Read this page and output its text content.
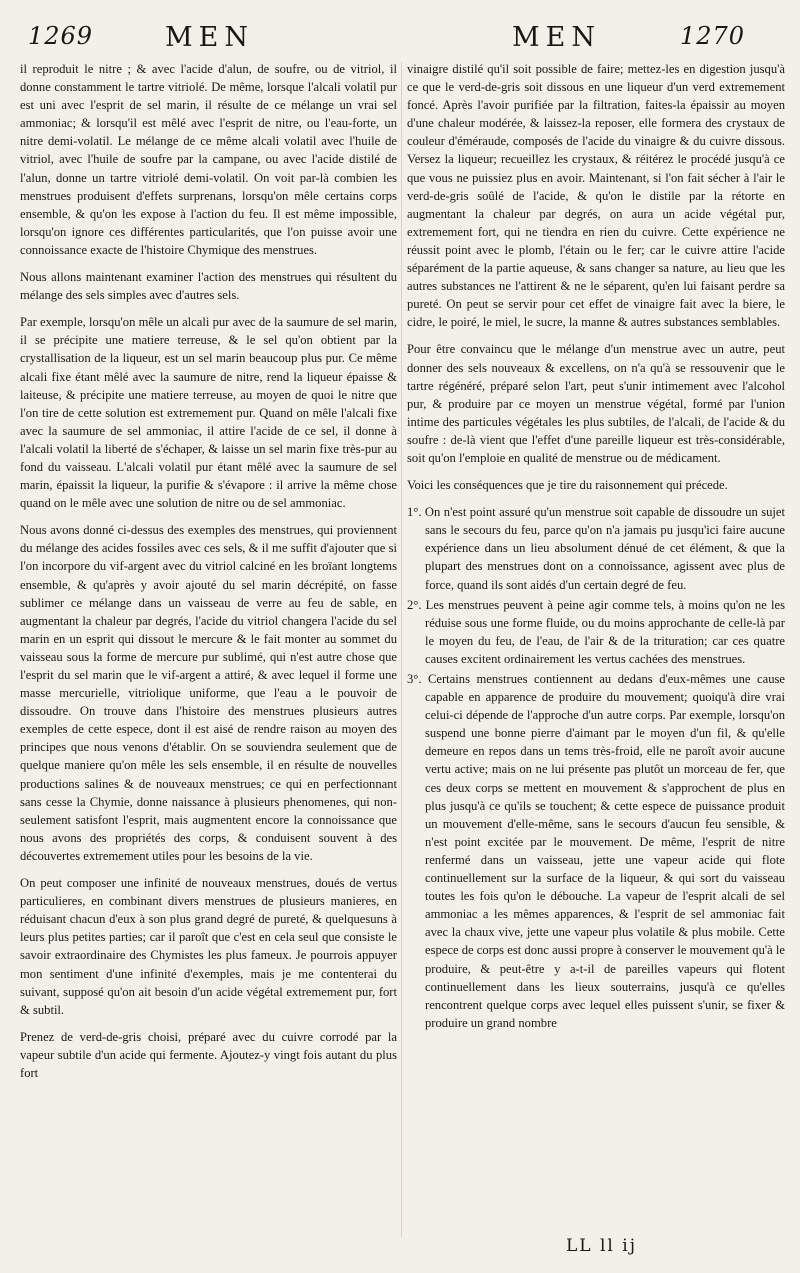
1269	MEN	MEN	1270

il reproduit le nitre ; & avec l'acide d'alun, de soufre, ou de vitriol, il donne constamment le tartre vitriolé. De même, lorsque l'alcali volatil pur est uni avec l'esprit de sel marin, il résulte de ce mélange un vrai sel ammoniac; & lorsqu'il est mêlé avec l'esprit de nitre, ou l'eau-forte, un nitre demi-volatil. Le mélange de ce même alcali volatil avec l'huile de vitriol, avec l'huile de soufre par la campane, ou avec l'acide distilé de l'alun, donne un tartre vitriolé demi-volatil. On voit par-là combien les menstrues produisent d'effets surprenans, lorsqu'on mêle certains corps ensemble, & qu'on les expose à l'action du feu. Il est même impossible, lorsqu'on ignore ces différentes particularités, que l'on puisse avoir une connoissance exacte de l'histoire Chymique des menstrues.

Nous allons maintenant examiner l'action des menstrues qui résultent du mélange des sels simples avec d'autres sels.

Par exemple, lorsqu'on mêle un alcali pur avec de la saumure de sel marin, il se précipite une matiere terreuse, & le sel qu'on obtient par la crystallisation de la liqueur, est un sel marin beaucoup plus pur. Ce même alcali fixe étant mêlé avec la saumure de nitre, rend la liqueur épaisse & laiteuse, & précipite une matiere terreuse, au moyen de quoi le nitre que l'on tire de cette solution est extremement pur. Quand on mêle l'alcali fixe avec la saumure de sel ammoniac, il attire l'acide de ce sel, il donne à l'alcali volatil la liberté de s'échaper, & laisse un sel marin fixe très-pur au fond du vaisseau. L'alcali volatil pur étant mêlé avec la saumure de sel marin, épaissit la liqueur, la purifie & s'évapore : il arrive la même chose quand on le mêle avec une solution de nitre ou de sel ammoniac.

Nous avons donné ci-dessus des exemples des menstrues, qui proviennent du mélange des acides fossiles avec ces sels, & il me suffit d'ajouter que si l'on incorpore du vif-argent avec du vitriol calciné en les broïant longtems ensemble, & qu'après y avoir ajouté du sel marin décrépité, on fasse sublimer ce mélange dans un vaisseau de verre au feu de sable, en augmentant la chaleur par degrés, l'acide du vitriol changera l'acide du sel marin en un esprit qui dissout le mercure & le fait monter au sommet du vaisseau sous la forme de mercure pur sublimé, qui n'est autre chose que l'esprit du sel marin que le vif-argent a attiré, & avec lequel il forme une masse mercurielle, vitriolique uniforme, que l'eau a le pouvoir de dissoudre. On trouve dans l'histoire des menstrues plusieurs autres exemples de cette espece, dont il est aisé de rendre raison au moyen des principes que nous venons d'établir. On se souviendra seulement que de quelque maniere qu'on mêle les sels ensemble, il en résulte de nouvelles productions salines & de nouveaux menstrues; ce qui en perfectionnant sans cesse la Chymie, donne naissance à plusieurs phenomenes, qui non-seulement satisfont l'esprit, mais augmentent encore la connoissance que nous avons des propriétés des corps, & conduisent souvent à des découvertes extremement utiles pour les besoins de la vie.

On peut composer une infinité de nouveaux menstrues, doués de vertus particulieres, en combinant divers menstrues de plusieurs manieres, en réduisant chacun d'eux à son plus grand degré de pureté, & quelquesuns à leurs plus petites parties; car il paroît que c'est en cela seul que consiste le savoir extraordinaire des Chymistes les plus fameux. Je pourrois appuyer mon sentiment d'une infinité d'exemples, mais je me contenterai du suivant, supposé qu'on ait besoin d'un acide végétal extremement pur, fort & subtil.

Prenez de verd-de-gris choisi, préparé avec du cuivre corrodé par la vapeur subtile d'un acide qui fermente. Ajoutez-y vingt fois autant du plus fort

vinaigre distilé qu'il soit possible de faire; mettez-les en digestion jusqu'à ce que le verd-de-gris soit dissous en une liqueur d'un verd extremement foncé. Après l'avoir purifiée par la filtration, faites-la épaissir au moyen d'une chaleur modérée, & laissez-la reposer, elle formera des crystaux de couleur d'éméraude, composés de l'acide du vinaigre & du cuivre dissous. Versez la liqueur; recueillez les crystaux, & réitérez le procédé jusqu'à ce que vous ne puissiez plus en avoir. Maintenant, si l'on fait sécher à l'air le verd-de-gris soûlé de l'acide, & qu'on le distile par la rétorte en augmentant la chaleur par degrés, on aura un acide végétal pur, extremement fort, qui ne tiendra en rien du cuivre. Cette expérience ne réussit point avec le plomb, l'étain ou le fer; car le cuivre attire l'acide séparément de la partie aqueuse, & sans changer sa nature, au lieu que les autres substances ne l'attirent & ne le séparent, qu'en lui faisant perdre sa pureté. On peut se servir pour cet effet de vinaigre fait avec la biere, le cidre, le poiré, le miel, le sucre, la manne & autres substances semblables.

Pour être convaincu que le mélange d'un menstrue avec un autre, peut donner des sels nouveaux & excellens, on n'a qu'à se ressouvenir que le tartre régénéré, préparé selon l'art, peut s'unir intimement avec l'alcohol pur, & produire par ce moyen un menstrue végétal, formé par l'union intime des particules végétales les plus subtiles, de l'alcali, de l'acide & du soufre : de-là vient que l'effet d'une pareille liqueur est très-considérable, soit qu'on l'emploie en qualité de menstrue ou de médicament.

Voici les conséquences que je tire du raisonnement qui précede.

1°. On n'est point assuré qu'un menstrue soit capable de dissoudre un sujet sans le secours du feu, parce qu'on n'a jamais pu jusqu'ici faire aucune expérience dans un lieu absolument dénué de cet élément, & que la plupart des menstrues dont on a connoissance, agissent avec plus de force, quand ils sont aidés d'un certain degré de feu.

2°. Les menstrues peuvent à peine agir comme tels, à moins qu'on ne les réduise sous une forme fluide, ou du moins approchante de celle-là par le moyen du feu, de l'eau, de l'air & de la trituration; car ces quatre causes excitent ordinairement les vertus cachées des menstrues.

3°. Certains menstrues contiennent au dedans d'eux-mêmes une cause capable en apparence de produire du mouvement; quoiqu'à dire vrai celui-ci dépende de l'approche d'un autre corps. Par exemple, lorsqu'on suspend une bonne pierre d'aimant par le moyen d'un fil, & qu'elle demeure en repos dans un tems très-froid, elle ne paroît avoir aucune vertu active; mais on ne lui présente pas plutôt un morceau de fer, que ces deux corps se mettent en mouvement & s'approchent de plus en plus jusqu'à ce qu'ils se touchent; & cette espece de puissance produit un mouvement d'elle-même, sans le secours d'aucun feu sensible, & n'est point excitée par le mouvement. De même, l'esprit de nitre renfermé dans un vaisseau, jette une vapeur acide qui flote continuellement sur la surface de la liqueur, & qui sort du vaisseau toutes les fois qu'on le débouche. La vapeur de l'esprit alcali de sel ammoniac a les mêmes apparences, & l'esprit de sel ammoniac fait avec la chaux vive, jette une vapeur plus volatile & plus mobile. Cette espece de corps est donc aussi propre à conserver le mouvement qu'à le produire, & peut-être y a-t-il de pareilles vapeurs qui flotent continuellement dans les lieux souterrains, jusqu'à ce qu'elles rencontrent quelque corps avec lequel elles puissent s'unir, se fixer & produire un grand nombre

LL ll ij
